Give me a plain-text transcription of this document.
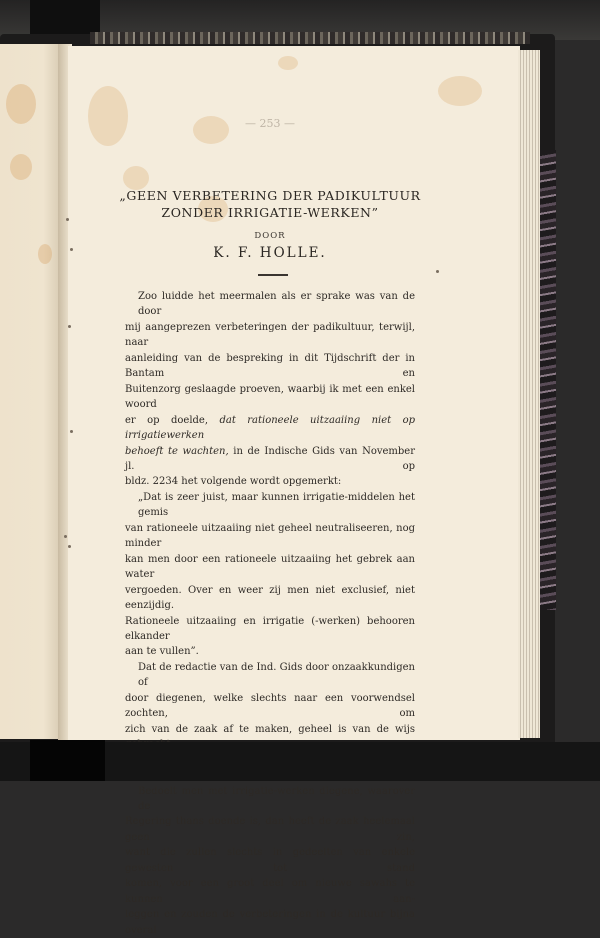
— 253 —
„GEEN VERBETERING DER PADIKULTUUR
ZONDER IRRIGATIE-WERKEN”
DOOR
K. F. HOLLE.

Zoo luidde het meermalen als er sprake was van de door

mij aangeprezen verbeteringen der padikultuur, terwijl, naar

aanleiding van de bespreking in dit Tijdschrift der in Bantam en

Buitenzorg geslaagde proeven, waarbij ik met een enkel woord

er op doelde, dat rationeele uitzaaiing niet op irrigatiewerken

behoeft te wachten, in de Indische Gids van November jl. op

bldz. 2234 het volgende wordt opgemerkt:

„Dat is zeer juist, maar kunnen irrigatie-middelen het gemis

van rationeele uitzaaiing niet geheel neutraliseeren, nog minder

kan men door een rationeele uitzaaiing het gebrek aan water

vergoeden. Over en weer zij men niet exclusief, niet eenzijdig.

Rationeele uitzaaiing en irrigatie (-werken) behooren elkander

aan te vullen”.

Dat de redactie van de Ind. Gids door onzaakkundigen of

door diegenen, welke slechts naar een voorwendsel zochten, om

zich van de zaak af te maken, geheel is van de wijs

Bedoelt men met irrigatie-werken diegene, waarover de

Regering thans doende is, dan heeft de zaak heelemaal geen zin,

want die zullen slechts in gedeelten van enkele gewesten tot stand

komen, voor een groot deel om nieuwe sawahs te kunnen aan-

leggen en zouden de verbeteringen in de kultuur bijna overal
